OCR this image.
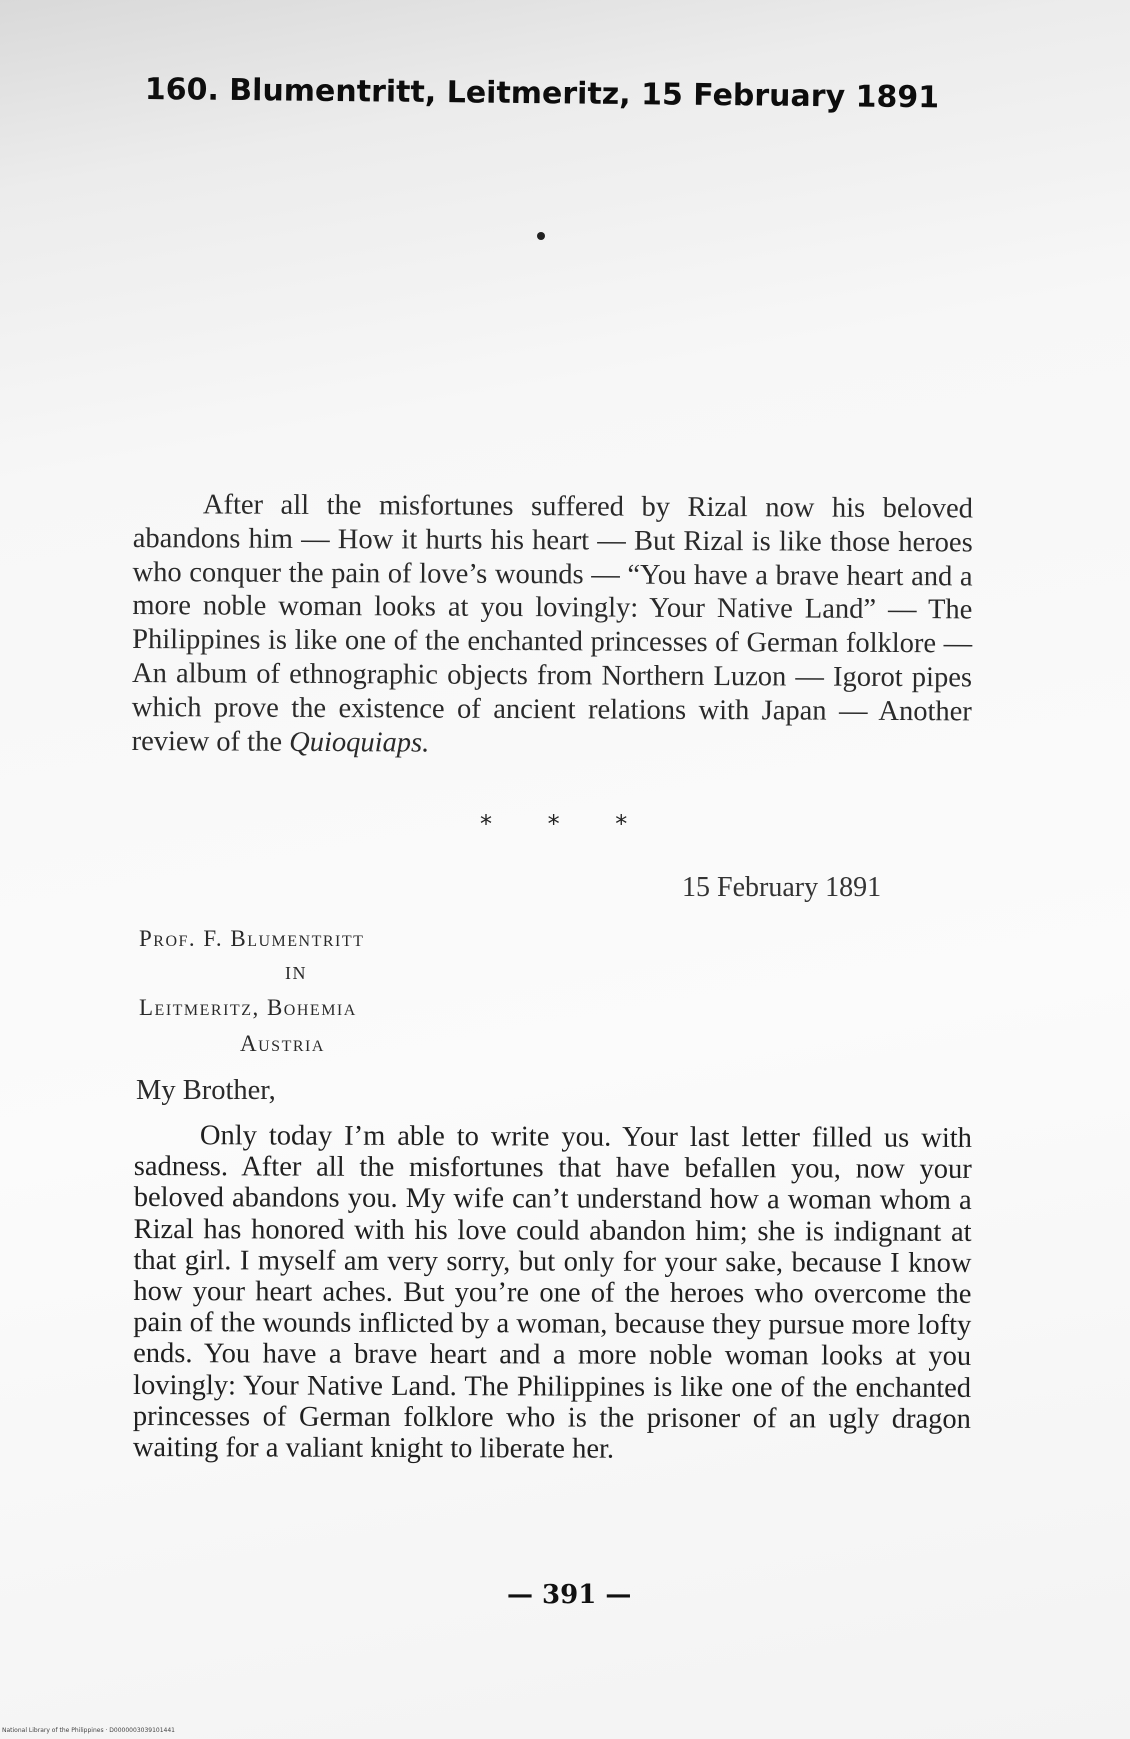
160. Blumentritt, Leitmeritz, 15 February 1891
After all the misfortunes suffered by Rizal now his beloved abandons him — How it hurts his heart — But Rizal is like those heroes who conquer the pain of love’s wounds — “You have a brave heart and a more noble woman looks at you lovingly: Your Native Land” — The Philippines is like one of the enchanted princesses of German folklore — An album of ethnographic objects from Northern Luzon — Igorot pipes which prove the existence of ancient relations with Japan — Another review of the Quioquiaps.
* * *
15 February 1891
Prof. F. Blumentritt
IN
Leitmeritz, Bohemia
Austria
My Brother,
Only today I’m able to write you. Your last letter filled us with sadness. After all the misfortunes that have befallen you, now your beloved abandons you. My wife can’t understand how a woman whom a Rizal has honored with his love could abandon him; she is indignant at that girl. I myself am very sorry, but only for your sake, because I know how your heart aches. But you’re one of the heroes who overcome the pain of the wounds inflicted by a woman, because they pursue more lofty ends. You have a brave heart and a more noble woman looks at you lovingly: Your Native Land. The Philippines is like one of the enchanted princesses of German folklore who is the prisoner of an ugly dragon waiting for a valiant knight to liberate her.
— 391 —
National Library of the Philippines · D0000003039101441
